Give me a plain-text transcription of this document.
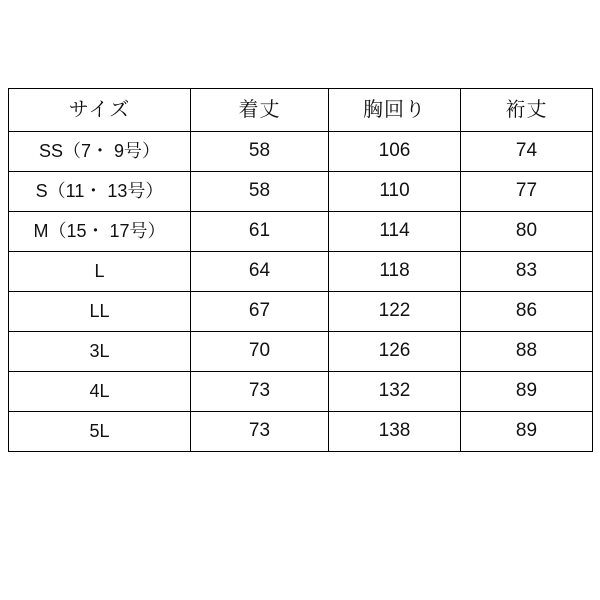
サイズ	着丈	胸回り	裄丈
SS（7・ 9号）	58	106	74
S（11・ 13号）	58	110	77
M（15・ 17号）	61	114	80
L	64	118	83
LL	67	122	86
3L	70	126	88
4L	73	132	89
5L	73	138	89
